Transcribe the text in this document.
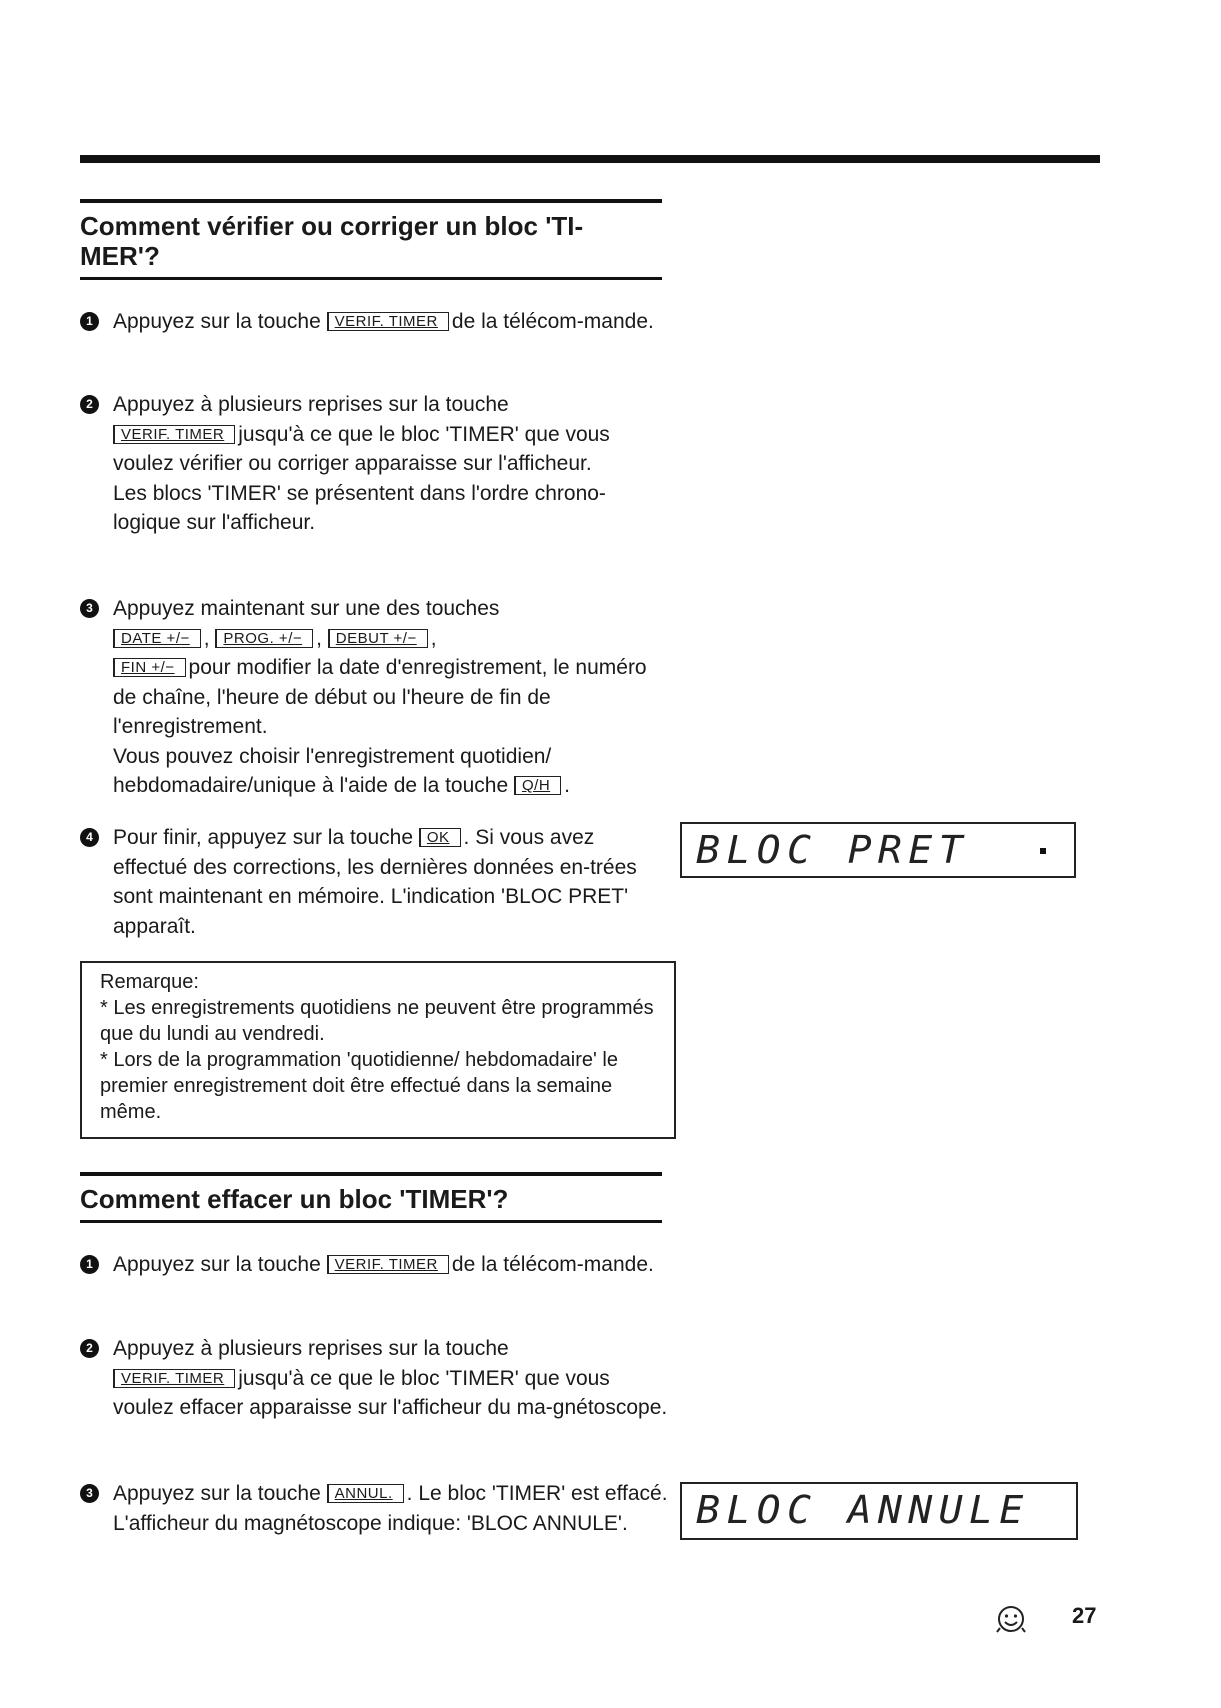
Comment vérifier ou corriger un bloc 'TI-MER'?
1 Appuyez sur la touche VERIF. TIMER de la télécom-mande.
2 Appuyez à plusieurs reprises sur la touche
VERIF. TIMER jusqu'à ce que le bloc 'TIMER' que vous voulez vérifier ou corriger apparaisse sur l'afficheur.
Les blocs 'TIMER' se présentent dans l'ordre chrono-logique sur l'afficheur.
3 Appuyez maintenant sur une des touches
DATE +/− , PROG. +/− , DEBUT +/− ,
FIN +/− pour modifier la date d'enregistrement, le numéro de chaîne, l'heure de début ou l'heure de fin de l'enregistrement.
Vous pouvez choisir l'enregistrement quotidien/ hebdomadaire/unique à l'aide de la touche Q/H .
4 Pour finir, appuyez sur la touche OK . Si vous avez effectué des corrections, les dernières données en-trées sont maintenant en mémoire. L'indication 'BLOC PRET' apparaît.
BLOC PRET
Remarque:
* Les enregistrements quotidiens ne peuvent être programmés que du lundi au vendredi.
* Lors de la programmation 'quotidienne/ hebdomadaire' le premier enregistrement doit être effectué dans la semaine même.
Comment effacer un bloc 'TIMER'?
1 Appuyez sur la touche VERIF. TIMER de la télécom-mande.
2 Appuyez à plusieurs reprises sur la touche
VERIF. TIMER jusqu'à ce que le bloc 'TIMER' que vous voulez effacer apparaisse sur l'afficheur du ma-gnétoscope.
3 Appuyez sur la touche ANNUL. . Le bloc 'TIMER' est effacé. L'afficheur du magnétoscope indique: 'BLOC ANNULE'.	BLOC ANNULE
27
